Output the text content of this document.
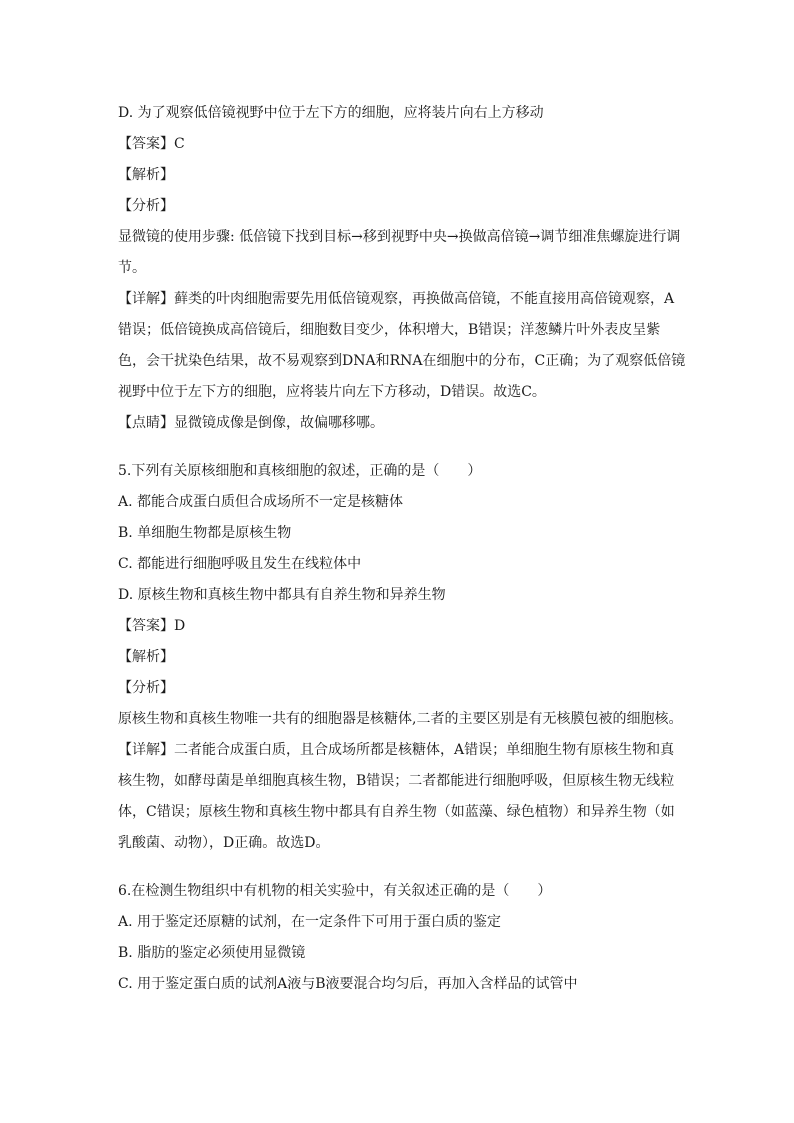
D. 为了观察低倍镜视野中位于左下方的细胞，应将装片向右上方移动
【答案】C
【解析】
【分析】
显微镜的使用步骤: 低倍镜下找到目标→移到视野中央→换做高倍镜→调节细准焦螺旋进行调节。
【详解】藓类的叶肉细胞需要先用低倍镜观察，再换做高倍镜，不能直接用高倍镜观察，A错误；低倍镜换成高倍镜后，细胞数目变少，体积增大，B错误；洋葱鳞片叶外表皮呈紫色，会干扰染色结果，故不易观察到DNA和RNA在细胞中的分布，C正确；为了观察低倍镜视野中位于左下方的细胞，应将装片向左下方移动，D错误。故选C。
【点睛】显微镜成像是倒像，故偏哪移哪。
5.下列有关原核细胞和真核细胞的叙述，正确的是（　　）
A. 都能合成蛋白质但合成场所不一定是核糖体
B. 单细胞生物都是原核生物
C. 都能进行细胞呼吸且发生在线粒体中
D. 原核生物和真核生物中都具有自养生物和异养生物
【答案】D
【解析】
【分析】
原核生物和真核生物唯一共有的细胞器是核糖体,二者的主要区别是有无核膜包被的细胞核。
【详解】二者能合成蛋白质，且合成场所都是核糖体，A错误；单细胞生物有原核生物和真核生物，如酵母菌是单细胞真核生物，B错误；二者都能进行细胞呼吸，但原核生物无线粒体，C错误；原核生物和真核生物中都具有自养生物（如蓝藻、绿色植物）和异养生物（如乳酸菌、动物），D正确。故选D。
6.在检测生物组织中有机物的相关实验中，有关叙述正确的是（　　）
A. 用于鉴定还原糖的试剂，在一定条件下可用于蛋白质的鉴定
B. 脂肪的鉴定必须使用显微镜
C. 用于鉴定蛋白质的试剂A液与B液要混合均匀后，再加入含样品的试管中
